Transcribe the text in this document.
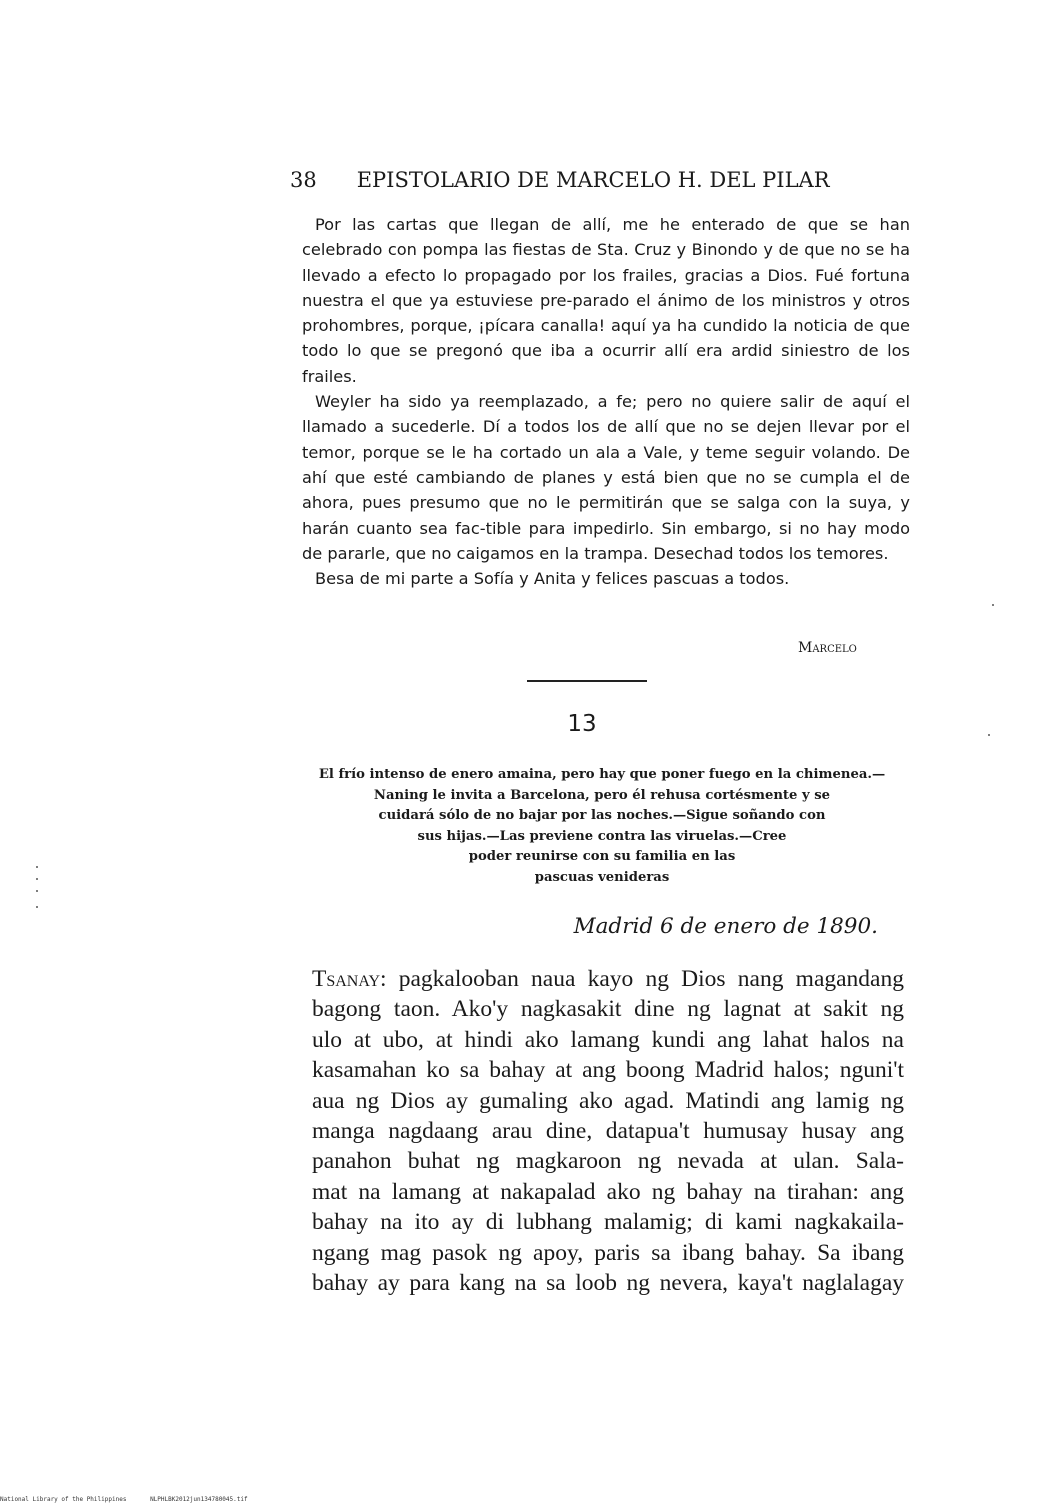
38 EPISTOLARIO DE MARCELO H. DEL PILAR

Por las cartas que llegan de allí, me he enterado de que se han celebrado con pompa las fiestas de Sta. Cruz y Binondo y de que no se ha llevado a efecto lo propagado por los frailes, gracias a Dios. Fué fortuna nuestra el que ya estuviese pre-parado el ánimo de los ministros y otros prohombres, porque, ¡pícara canalla! aquí ya ha cundido la noticia de que todo lo que se pregonó que iba a ocurrir allí era ardid siniestro de los frailes.

Weyler ha sido ya reemplazado, a fe; pero no quiere salir de aquí el llamado a sucederle. Dí a todos los de allí que no se dejen llevar por el temor, porque se le ha cortado un ala a Vale, y teme seguir volando. De ahí que esté cambiando de planes y está bien que no se cumpla el de ahora, pues presumo que no le permitirán que se salga con la suya, y harán cuanto sea fac-tible para impedirlo. Sin embargo, si no hay modo de pararle, que no caigamos en la trampa. Desechad todos los temores.

Besa de mi parte a Sofía y Anita y felices pascuas a todos.

Marcelo
13
El frío intenso de enero amaina, pero hay que poner fuego en la chimenea.—
Naning le invita a Barcelona, pero él rehusa cortésmente y se
cuidará sólo de no bajar por las noches.—Sigue soñando con
sus hijas.—Las previene contra las viruelas.—Cree
poder reunirse con su familia en las
pascuas venideras
Madrid 6 de enero de 1890.
Tsanay: pagkalooban naua kayo ng Dios nang magandang
bagong taon. Ako'y nagkasakit dine ng lagnat at sakit ng
ulo at ubo, at hindi ako lamang kundi ang lahat halos na
kasamahan ko sa bahay at ang boong Madrid halos; nguni't
aua ng Dios ay gumaling ako agad. Matindi ang lamig ng
manga nagdaang arau dine, datapua't humusay husay ang
panahon buhat ng magkaroon ng nevada at ulan. Sala-
mat na lamang at nakapalad ako ng bahay na tirahan: ang
bahay na ito ay di lubhang malamig; di kami nagkakaila-
ngang mag pasok ng apoy, paris sa ibang bahay. Sa ibang
bahay ay para kang na sa loob ng nevera, kaya't naglalagay
National Library of the Philippines	NLPHLBK2012jun134780045.tif
